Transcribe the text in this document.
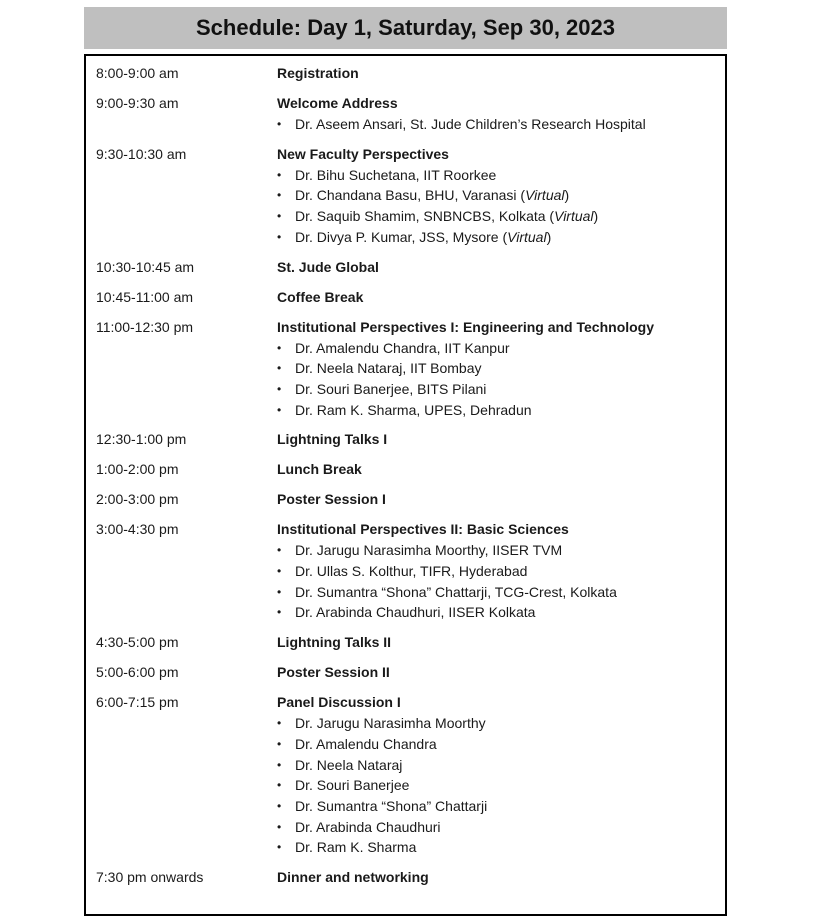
Schedule: Day 1, Saturday, Sep 30, 2023
8:00-9:00 am	Registration
9:00-9:30 am	Welcome Address
• Dr. Aseem Ansari, St. Jude Children’s Research Hospital
9:30-10:30 am	New Faculty Perspectives
• Dr. Bihu Suchetana, IIT Roorkee
• Dr. Chandana Basu, BHU, Varanasi (Virtual)
• Dr. Saquib Shamim, SNBNCBS, Kolkata (Virtual)
• Dr. Divya P. Kumar, JSS, Mysore (Virtual)
10:30-10:45 am	St. Jude Global
10:45-11:00 am	Coffee Break
11:00-12:30 pm	Institutional Perspectives I: Engineering and Technology
• Dr. Amalendu Chandra, IIT Kanpur
• Dr. Neela Nataraj, IIT Bombay
• Dr. Souri Banerjee, BITS Pilani
• Dr. Ram K. Sharma, UPES, Dehradun
12:30-1:00 pm	Lightning Talks I
1:00-2:00 pm	Lunch Break
2:00-3:00 pm	Poster Session I
3:00-4:30 pm	Institutional Perspectives II: Basic Sciences
• Dr. Jarugu Narasimha Moorthy, IISER TVM
• Dr. Ullas S. Kolthur, TIFR, Hyderabad
• Dr. Sumantra “Shona” Chattarji, TCG-Crest, Kolkata
• Dr. Arabinda Chaudhuri, IISER Kolkata
4:30-5:00 pm	Lightning Talks II
5:00-6:00 pm	Poster Session II
6:00-7:15 pm	Panel Discussion I
• Dr. Jarugu Narasimha Moorthy
• Dr. Amalendu Chandra
• Dr. Neela Nataraj
• Dr. Souri Banerjee
• Dr. Sumantra “Shona” Chattarji
• Dr. Arabinda Chaudhuri
• Dr. Ram K. Sharma
7:30 pm onwards	Dinner and networking
